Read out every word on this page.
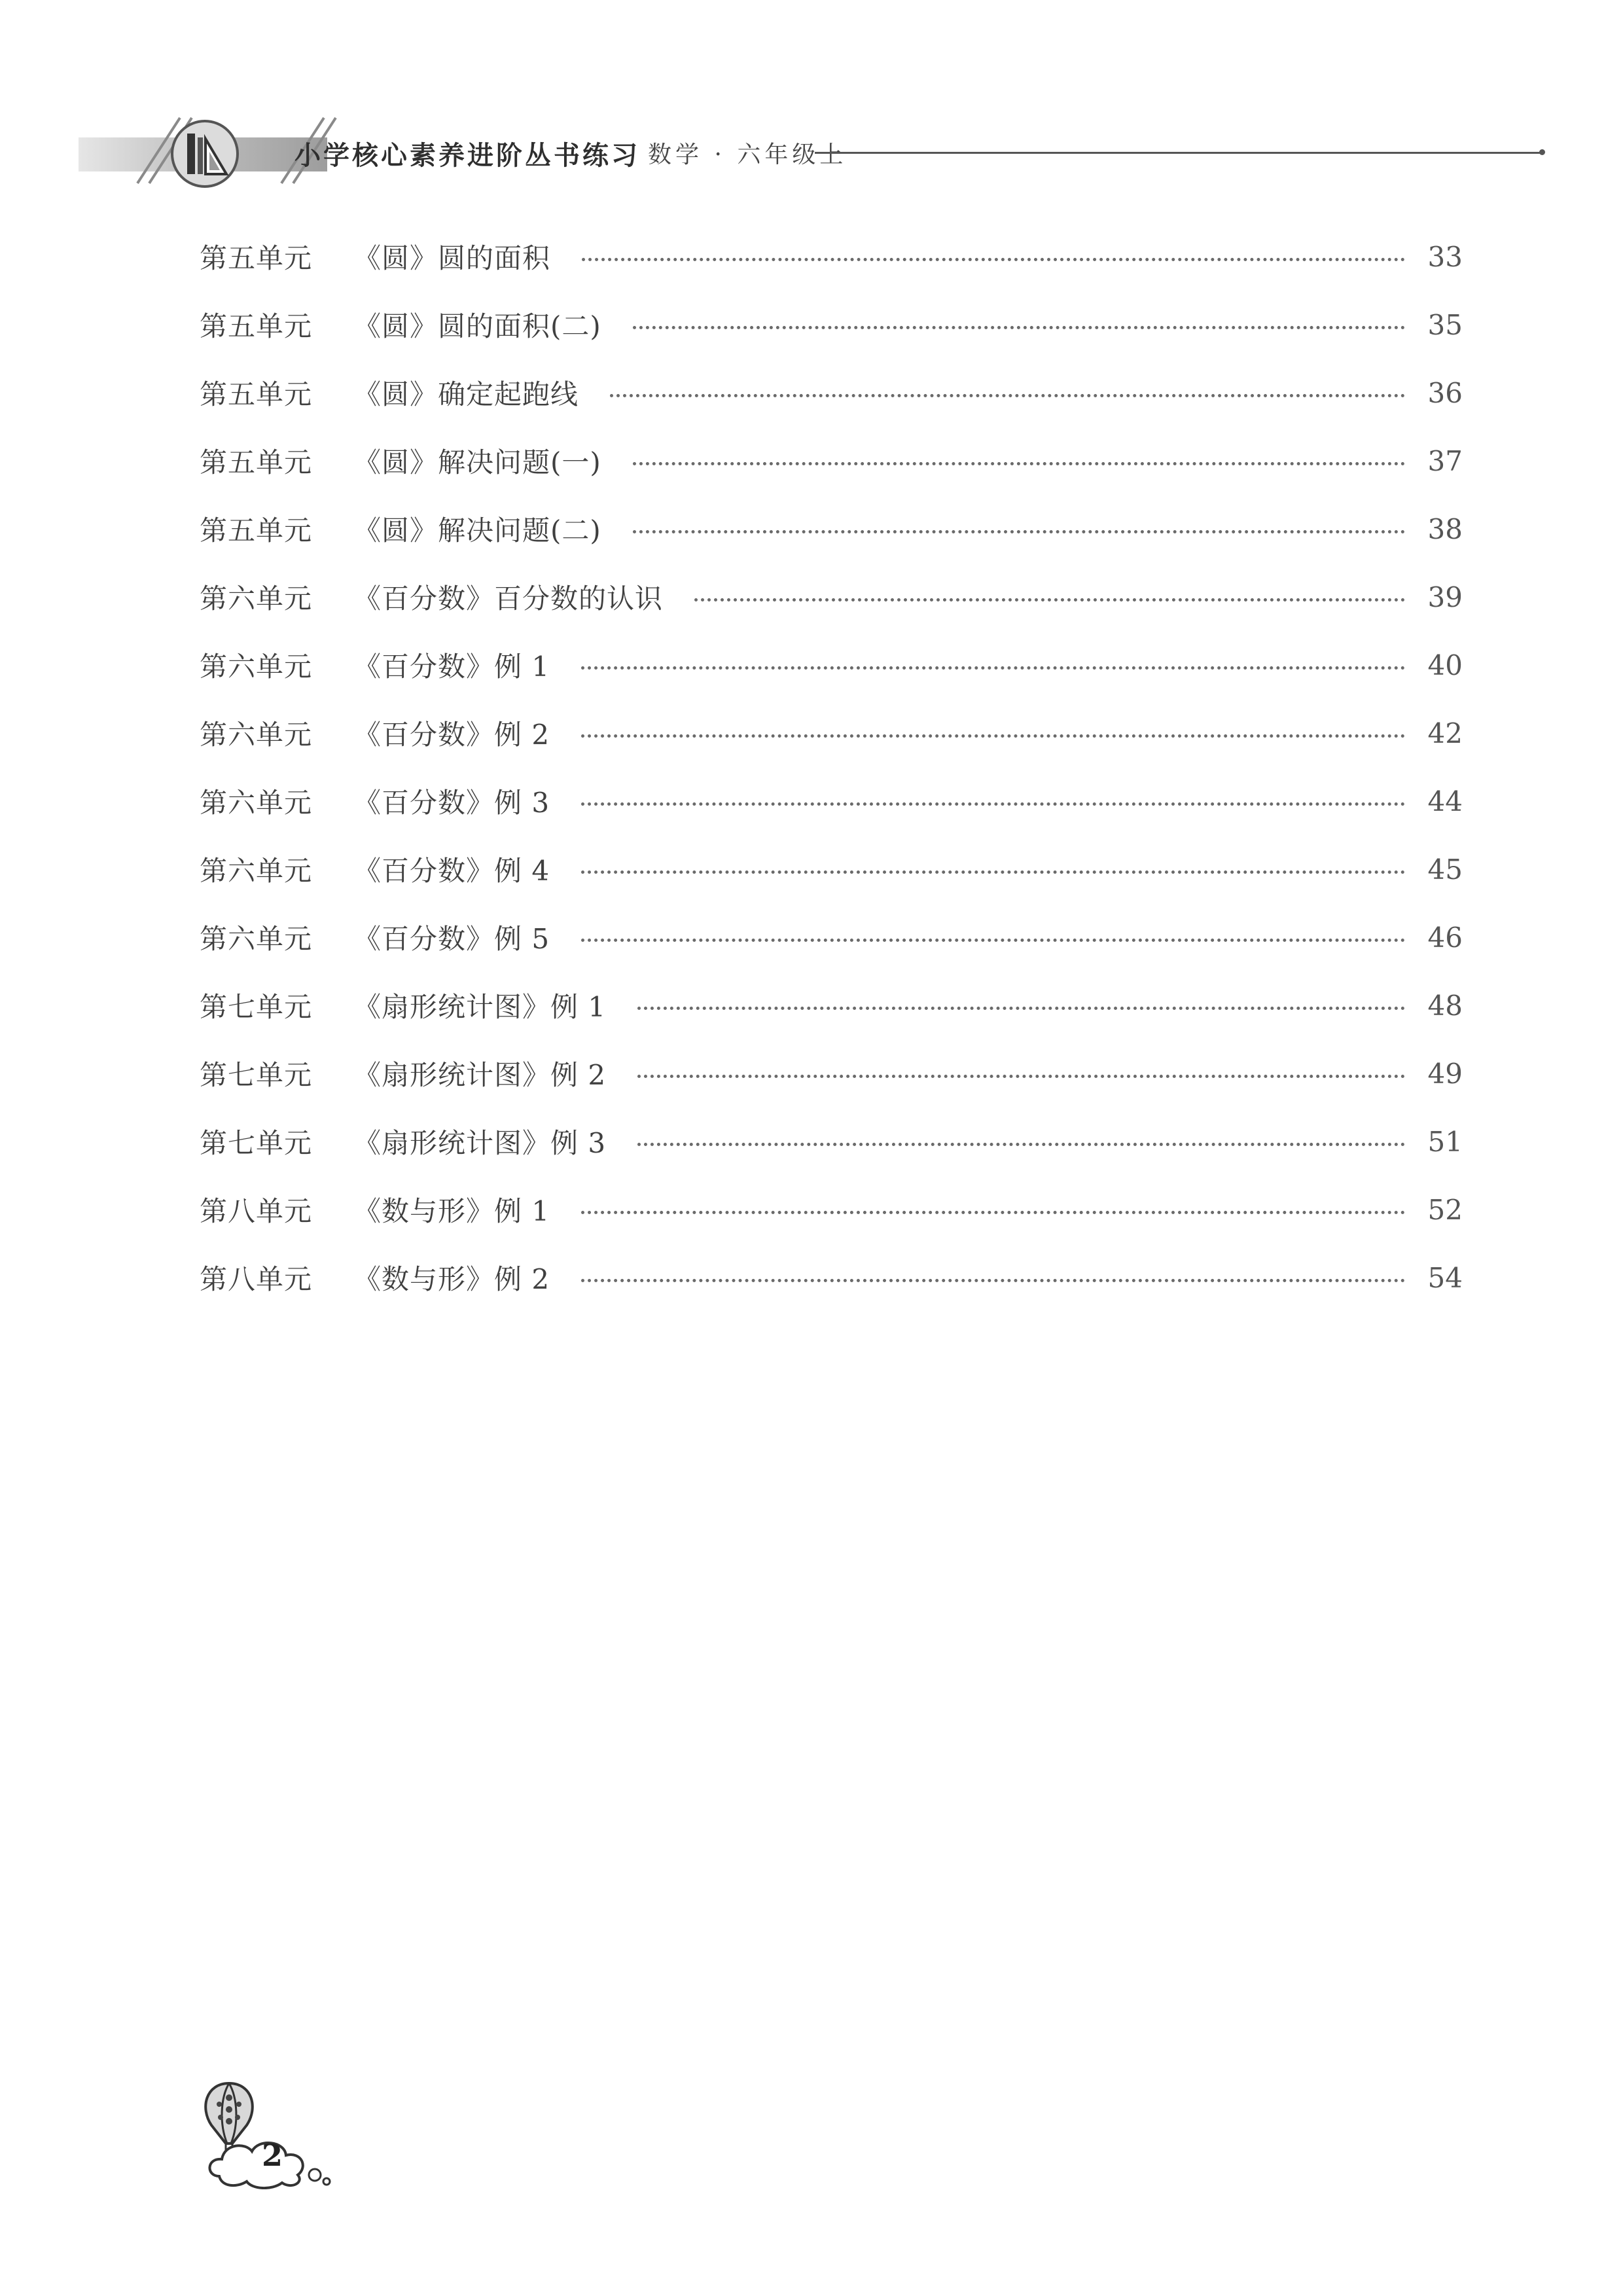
小学核心素养进阶丛书练习 数学 · 六年级上
第五单元	《圆》圆的面积	33
第五单元	《圆》圆的面积(二)	35
第五单元	《圆》确定起跑线	36
第五单元	《圆》解决问题(一)	37
第五单元	《圆》解决问题(二)	38
第六单元	《百分数》百分数的认识	39
第六单元	《百分数》例 1	40
第六单元	《百分数》例 2	42
第六单元	《百分数》例 3	44
第六单元	《百分数》例 4	45
第六单元	《百分数》例 5	46
第七单元	《扇形统计图》例 1	48
第七单元	《扇形统计图》例 2	49
第七单元	《扇形统计图》例 3	51
第八单元	《数与形》例 1	52
第八单元	《数与形》例 2	54
2
